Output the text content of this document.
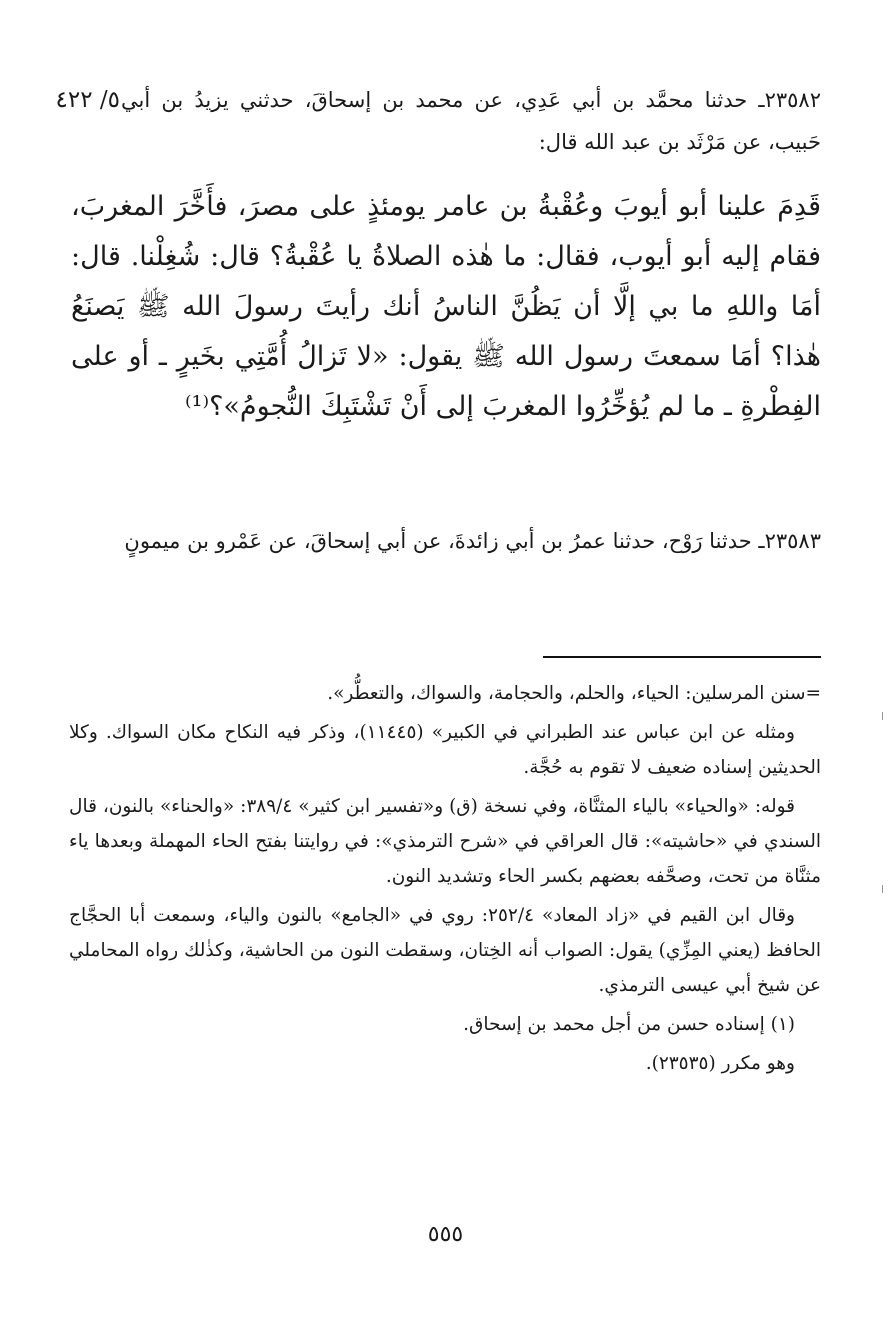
٥/ ٤٢٢ ٢٣٥٨٢ـ حدثنا محمَّد بن أبي عَدِي، عن محمد بن إسحاقَ، حدثني يزيدُ بن أبي حَبيب، عن مَرْثَد بن عبد الله قال:
قَدِمَ علينا أبو أيوبَ وعُقْبةُ بن عامر يومئذٍ على مصرَ، فأَخَّرَ المغربَ، فقام إليه أبو أيوب، فقال: ما هٰذه الصلاةُ يا عُقْبةُ؟ قال: شُغِلْنا. قال: أمَا واللهِ ما بي إلَّا أن يَظُنَّ الناسُ أنك رأيتَ رسولَ الله ﷺ يَصنَعُ هٰذا؟ أمَا سمعتَ رسول الله ﷺ يقول: «لا تَزالُ أُمَّتِي بخَيرٍ ـ أو على الفِطْرةِ ـ ما لم يُؤخِّرُوا المغربَ إلى أَنْ تَشْتَبِكَ النُّجومُ»؟⁽¹⁾
٢٣٥٨٣ـ حدثنا رَوْح، حدثنا عمرُ بن أبي زائدةَ، عن أبي إسحاقَ، عن عَمْرو بن ميمونٍ

=سنن المرسلين: الحياء، والحلم، والحجامة، والسواك، والتعطُّر».

ومثله عن ابن عباس عند الطبراني في الكبير» (١١٤٤٥)، وذكر فيه النكاح مكان السواك. وكلا الحديثين إسناده ضعيف لا تقوم به حُجَّة.

قوله: «والحياء» بالياء المثنَّاة، وفي نسخة (ق) و«تفسير ابن كثير» ٣٨٩/٤: «والحناء» بالنون، قال السندي في «حاشيته»: قال العراقي في «شرح الترمذي»: في روايتنا بفتح الحاء المهملة وبعدها ياء مثنَّاة من تحت، وصحَّفه بعضهم بكسر الحاء وتشديد النون.

وقال ابن القيم في «زاد المعاد» ٢٥٢/٤: روي في «الجامع» بالنون والياء، وسمعت أبا الحجَّاج الحافظ (يعني المِزِّي) يقول: الصواب أنه الخِتان، وسقطت النون من الحاشية، وكذٰلك رواه المحاملي عن شيخ أبي عيسى الترمذي.

(١) إسناده حسن من أجل محمد بن إسحاق.

وهو مكرر (٢٣٥٣٥).

٥٥٥
